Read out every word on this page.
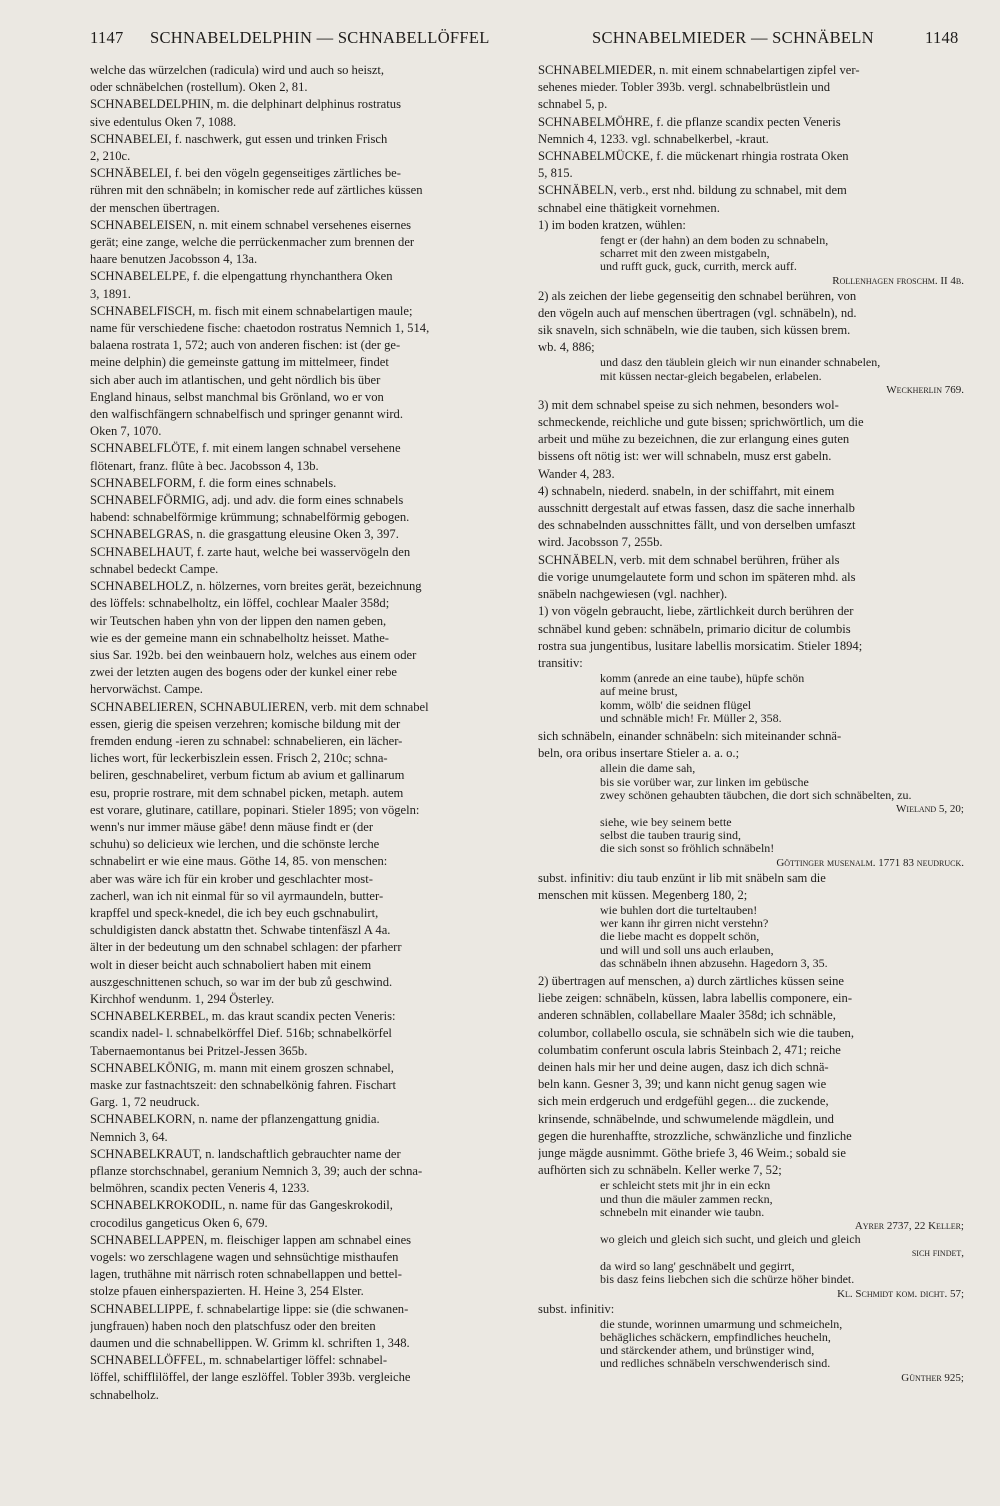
1147 SCHNABELDELPHIN — SCHNABELLÖFFEL	SCHNABELMIEDER — SCHNÄBELN	1148

welche das würzelchen (radicula) wird und auch so heiszt,

oder schnäbelchen (rostellum). Oken 2, 81.

SCHNABELDELPHIN, m. die delphinart delphinus rostratus

sive edentulus Oken 7, 1088.

SCHNABELEI, f. naschwerk, gut essen und trinken Frisch

2, 210c.

SCHNÄBELEI, f. bei den vögeln gegenseitiges zärtliches be-

rühren mit den schnäbeln; in komischer rede auf zärtliches küssen

der menschen übertragen.

SCHNABELEISEN, n. mit einem schnabel versehenes eisernes

gerät; eine zange, welche die perrückenmacher zum brennen der

haare benutzen Jacobsson 4, 13a.

SCHNABELELPE, f. die elpengattung rhynchanthera Oken

3, 1891.

SCHNABELFISCH, m. fisch mit einem schnabelartigen maule;

name für verschiedene fische: chaetodon rostratus Nemnich 1, 514,

balaena rostrata 1, 572; auch von anderen fischen: ist (der ge-

meine delphin) die gemeinste gattung im mittelmeer, findet

sich aber auch im atlantischen, und geht nördlich bis über

England hinaus, selbst manchmal bis Grönland, wo er von

den walfischfängern schnabelfisch und springer genannt wird.

Oken 7, 1070.

SCHNABELFLÖTE, f. mit einem langen schnabel versehene

flötenart, franz. flûte à bec. Jacobsson 4, 13b.

SCHNABELFORM, f. die form eines schnabels.

SCHNABELFÖRMIG, adj. und adv. die form eines schnabels

habend: schnabelförmige krümmung; schnabelförmig gebogen.

SCHNABELGRAS, n. die grasgattung eleusine Oken 3, 397.

SCHNABELHAUT, f. zarte haut, welche bei wasservögeln den

schnabel bedeckt Campe.

SCHNABELHOLZ, n. hölzernes, vorn breites gerät, bezeichnung

des löffels: schnabelholtz, ein löffel, cochlear Maaler 358d;

wir Teutschen haben yhn von der lippen den namen geben,

wie es der gemeine mann ein schnabelholtz heisset. Mathe-

sius Sar. 192b. bei den weinbauern holz, welches aus einem oder

zwei der letzten augen des bogens oder der kunkel einer rebe

hervorwächst. Campe.

SCHNABELIEREN, SCHNABULIEREN, verb. mit dem schnabel

essen, gierig die speisen verzehren; komische bildung mit der

fremden endung -ieren zu schnabel: schnabelieren, ein lächer-

liches wort, für leckerbiszlein essen. Frisch 2, 210c; schna-

beliren, geschnabeliret, verbum fictum ab avium et gallinarum

esu, proprie rostrare, mit dem schnabel picken, metaph. autem

est vorare, glutinare, catillare, popinari. Stieler 1895; von vögeln:

wenn's nur immer mäuse gäbe! denn mäuse findt er (der

schuhu) so delicieux wie lerchen, und die schönste lerche

schnabelirt er wie eine maus. Göthe 14, 85. von menschen:

aber was wäre ich für ein krober und geschlachter most-

zacherl, wan ich nit einmal für so vil ayrmaundeln, butter-

krapffel und speck-knedel, die ich bey euch gschnabulirt,

schuldigisten danck abstattn thet. Schwabe tintenfäszl A 4a.

älter in der bedeutung um den schnabel schlagen: der pfarherr

wolt in dieser beicht auch schnaboliert haben mit einem

auszgeschnittenen schuch, so war im der bub zů geschwind.

Kirchhof wendunm. 1, 294 Österley.

SCHNABELKERBEL, m. das kraut scandix pecten Veneris:

scandix nadel- l. schnabelkörffel Dief. 516b; schnabelkörfel

Tabernaemontanus bei Pritzel-Jessen 365b.

SCHNABELKÖNIG, m. mann mit einem groszen schnabel,

maske zur fastnachtszeit: den schnabelkönig fahren. Fischart

Garg. 1, 72 neudruck.

SCHNABELKORN, n. name der pflanzengattung gnidia.

Nemnich 3, 64.

SCHNABELKRAUT, n. landschaftlich gebrauchter name der

pflanze storchschnabel, geranium Nemnich 3, 39; auch der schna-

belmöhren, scandix pecten Veneris 4, 1233.

SCHNABELKROKODIL, n. name für das Gangeskrokodil,

crocodilus gangeticus Oken 6, 679.

SCHNABELLAPPEN, m. fleischiger lappen am schnabel eines

vogels: wo zerschlagene wagen und sehnsüchtige misthaufen

lagen, truthähne mit närrisch roten schnabellappen und bettel-

stolze pfauen einherspazierten. H. Heine 3, 254 Elster.

SCHNABELLIPPE, f. schnabelartige lippe: sie (die schwanen-

jungfrauen) haben noch den platschfusz oder den breiten

daumen und die schnabellippen. W. Grimm kl. schriften 1, 348.

SCHNABELLÖFFEL, m. schnabelartiger löffel: schnabel-

löffel, schifflilöffel, der lange eszlöffel. Tobler 393b. vergleiche

schnabelholz.

SCHNABELMIEDER, n. mit einem schnabelartigen zipfel ver-

sehenes mieder. Tobler 393b. vergl. schnabelbrüstlein und

schnabel 5, p.

SCHNABELMÖHRE, f. die pflanze scandix pecten Veneris

Nemnich 4, 1233. vgl. schnabelkerbel, -kraut.

SCHNABELMÜCKE, f. die mückenart rhingia rostrata Oken

5, 815.

SCHNÄBELN, verb., erst nhd. bildung zu schnabel, mit dem

schnabel eine thätigkeit vornehmen.

1) im boden kratzen, wühlen:

fengt er (der hahn) an dem boden zu schnabeln,

scharret mit den zween mistgabeln,

und rufft guck, guck, currith, merck auff.

Rollenhagen froschm. II 4b.

2) als zeichen der liebe gegenseitig den schnabel berühren, von

den vögeln auch auf menschen übertragen (vgl. schnäbeln), nd.

sik snaveln, sich schnäbeln, wie die tauben, sich küssen brem.

wb. 4, 886;

und dasz den täublein gleich wir nun einander schnabelen,

mit küssen nectar-gleich begabelen, erlabelen.

Weckherlin 769.

3) mit dem schnabel speise zu sich nehmen, besonders wol-

schmeckende, reichliche und gute bissen; sprichwörtlich, um die

arbeit und mühe zu bezeichnen, die zur erlangung eines guten

bissens oft nötig ist: wer will schnabeln, musz erst gabeln.

Wander 4, 283.

4) schnabeln, niederd. snabeln, in der schiffahrt, mit einem

ausschnitt dergestalt auf etwas fassen, dasz die sache innerhalb

des schnabelnden ausschnittes fällt, und von derselben umfaszt

wird. Jacobsson 7, 255b.

SCHNÄBELN, verb. mit dem schnabel berühren, früher als

die vorige unumgelautete form und schon im späteren mhd. als

snäbeln nachgewiesen (vgl. nachher).

1) von vögeln gebraucht, liebe, zärtlichkeit durch berühren der

schnäbel kund geben: schnäbeln, primario dicitur de columbis

rostra sua jungentibus, lusitare labellis morsicatim. Stieler 1894;

transitiv:

komm (anrede an eine taube), hüpfe schön

auf meine brust,

komm, wölb' die seidnen flügel

und schnäble mich! Fr. Müller 2, 358.

sich schnäbeln, einander schnäbeln: sich miteinander schnä-

beln, ora oribus insertare Stieler a. a. o.;

allein die dame sah,

bis sie vorüber war, zur linken im gebüsche

zwey schönen gehaubten täubchen, die dort sich schnäbelten, zu.

Wieland 5, 20;

siehe, wie bey seinem bette

selbst die tauben traurig sind,

die sich sonst so fröhlich schnäbeln!

Göttinger musenalm. 1771 83 neudruck.

subst. infinitiv: diu taub enzünt ir lib mit snäbeln sam die

menschen mit küssen. Megenberg 180, 2;

wie buhlen dort die turteltauben!

wer kann ihr girren nicht verstehn?

die liebe macht es doppelt schön,

und will und soll uns auch erlauben,

das schnäbeln ihnen abzusehn. Hagedorn 3, 35.

2) übertragen auf menschen, a) durch zärtliches küssen seine

liebe zeigen: schnäbeln, küssen, labra labellis componere, ein-

anderen schnäblen, collabellare Maaler 358d; ich schnäble,

columbor, collabello oscula, sie schnäbeln sich wie die tauben,

columbatim conferunt oscula labris Steinbach 2, 471; reiche

deinen hals mir her und deine augen, dasz ich dich schnä-

beln kann. Gesner 3, 39; und kann nicht genug sagen wie

sich mein erdgeruch und erdgefühl gegen... die zuckende,

krinsende, schnäbelnde, und schwumelende mägdlein, und

gegen die hurenhaffte, strozzliche, schwänzliche und finzliche

junge mägde ausnimmt. Göthe briefe 3, 46 Weim.; sobald sie

aufhörten sich zu schnäbeln. Keller werke 7, 52;

er schleicht stets mit jhr in ein eckn

und thun die mäuler zammen reckn,

schnebeln mit einander wie taubn.

Ayrer 2737, 22 Keller;

wo gleich und gleich sich sucht, und gleich und gleich

sich findet,

da wird so lang' geschnäbelt und gegirrt,

bis dasz feins liebchen sich die schürze höher bindet.

Kl. Schmidt kom. dicht. 57;

subst. infinitiv:

die stunde, worinnen umarmung und schmeicheln,

behägliches schäckern, empfindliches heucheln,

und stärckender athem, und brünstiger wind,

und redliches schnäbeln verschwenderisch sind.

Günther 925;
